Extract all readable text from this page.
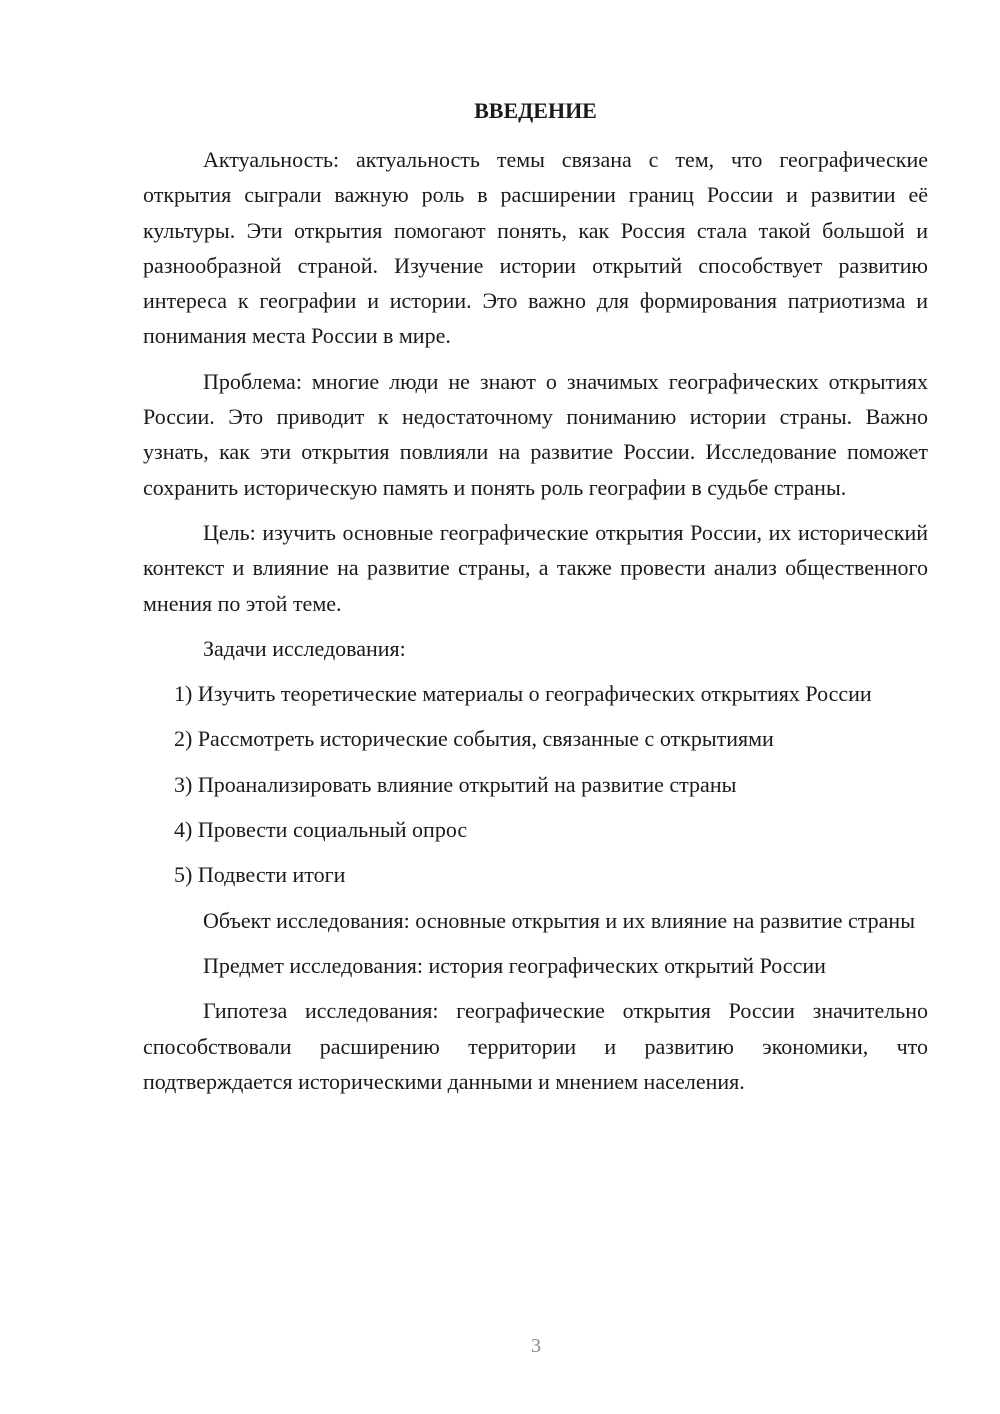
ВВЕДЕНИЕ

Актуальность: актуальность темы связана с тем, что географические открытия сыграли важную роль в расширении границ России и развитии её культуры. Эти открытия помогают понять, как Россия стала такой большой и разнообразной страной. Изучение истории открытий способствует развитию интереса к географии и истории. Это важно для формирования патриотизма и понимания места России в мире.

Проблема: многие люди не знают о значимых географических открытиях России. Это приводит к недостаточному пониманию истории страны. Важно узнать, как эти открытия повлияли на развитие России. Исследование поможет сохранить историческую память и понять роль географии в судьбе страны.

Цель: изучить основные географические открытия России, их исторический контекст и влияние на развитие страны, а также провести анализ общественного мнения по этой теме.

Задачи исследования:

1) Изучить теоретические материалы о географических открытиях России

2) Рассмотреть исторические события, связанные с открытиями

3) Проанализировать влияние открытий на развитие страны

4) Провести социальный опрос

5) Подвести итоги

Объект исследования: основные открытия и их влияние на развитие страны

Предмет исследования: история географических открытий России

Гипотеза исследования: географические открытия России значительно способствовали расширению территории и развитию экономики, что подтверждается историческими данными и мнением населения.

3
